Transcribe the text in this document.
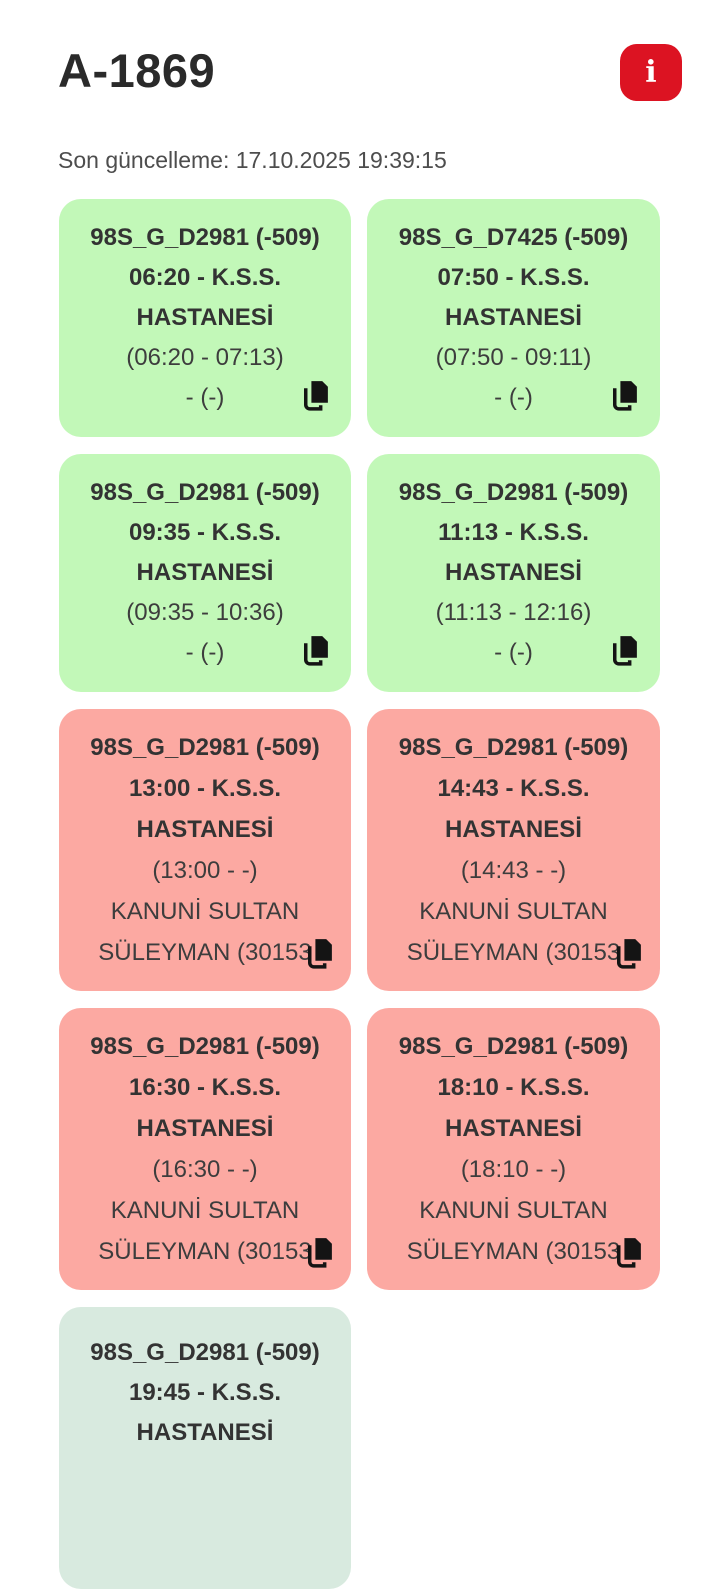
A-1869	i
Son güncelleme: 17.10.2025 19:39:15
98S_G_D2981 (-509) 06:20 - K.S.S. HASTANESİ
(06:20 - 07:13)
- (-)
98S_G_D7425 (-509) 07:50 - K.S.S. HASTANESİ
(07:50 - 09:11)
- (-)
98S_G_D2981 (-509) 09:35 - K.S.S. HASTANESİ
(09:35 - 10:36)
- (-)
98S_G_D2981 (-509) 11:13 - K.S.S. HASTANESİ
(11:13 - 12:16)
- (-)
98S_G_D2981 (-509) 13:00 - K.S.S. HASTANESİ
(13:00 - -)
KANUNİ SULTAN SÜLEYMAN (30153
98S_G_D2981 (-509) 14:43 - K.S.S. HASTANESİ
(14:43 - -)
KANUNİ SULTAN SÜLEYMAN (30153
98S_G_D2981 (-509) 16:30 - K.S.S. HASTANESİ
(16:30 - -)
KANUNİ SULTAN SÜLEYMAN (30153
98S_G_D2981 (-509) 18:10 - K.S.S. HASTANESİ
(18:10 - -)
KANUNİ SULTAN SÜLEYMAN (30153
98S_G_D2981 (-509) 19:45 - K.S.S. HASTANESİ
